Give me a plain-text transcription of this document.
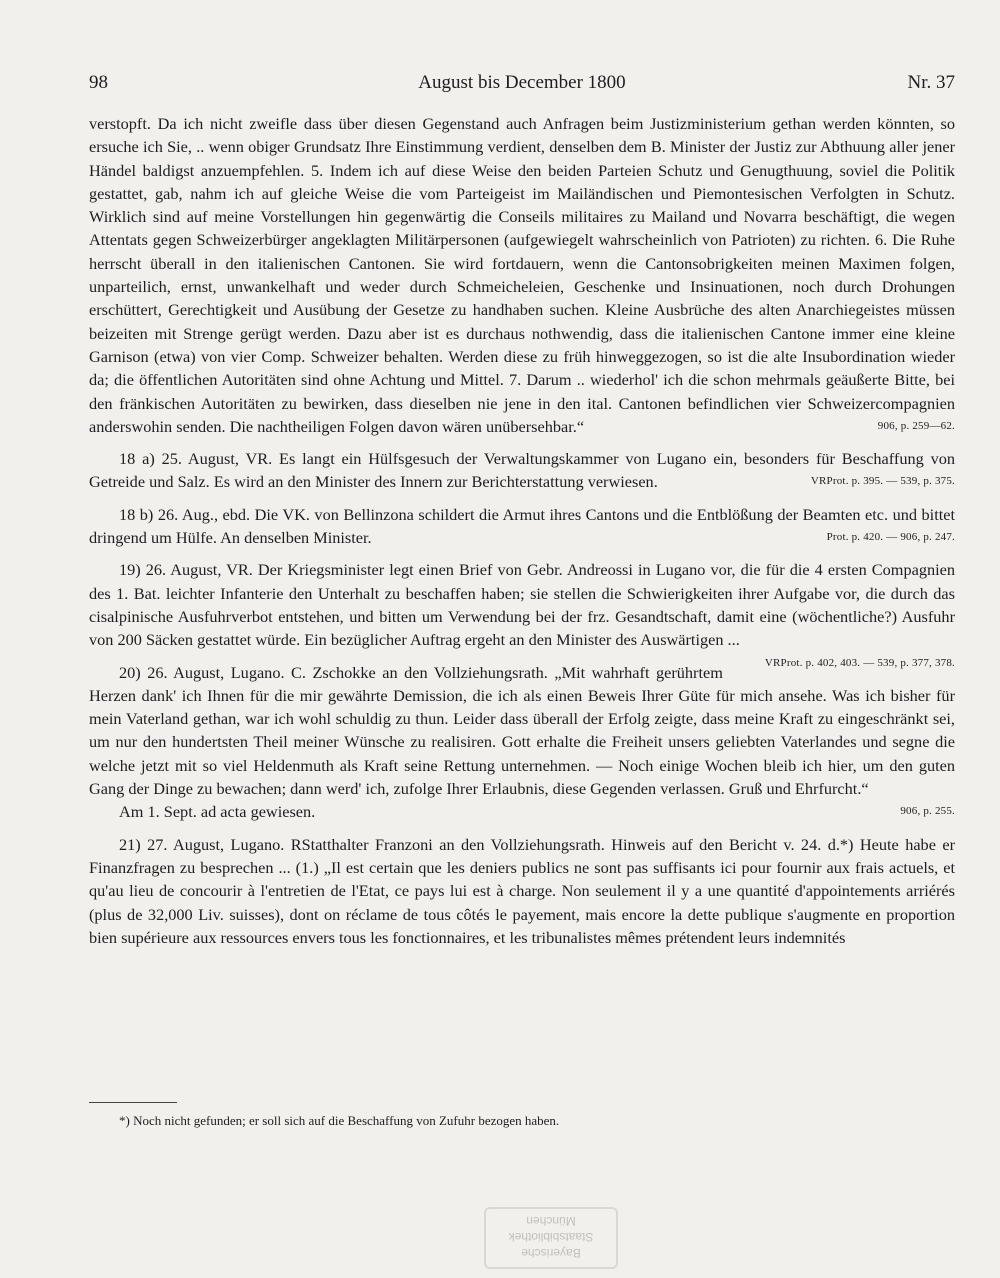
98	August bis December 1800	Nr. 37

verstopft. Da ich nicht zweifle dass über diesen Gegenstand auch Anfragen beim Justizministerium gethan werden könnten, so ersuche ich Sie, .. wenn obiger Grundsatz Ihre Einstimmung verdient, denselben dem B. Minister der Justiz zur Abthuung aller jener Händel baldigst anzuempfehlen. 5. Indem ich auf diese Weise den beiden Parteien Schutz und Genugthuung, soviel die Politik gestattet, gab, nahm ich auf gleiche Weise die vom Parteigeist im Mailändischen und Piemontesischen Verfolgten in Schutz. Wirklich sind auf meine Vorstellungen hin gegenwärtig die Conseils militaires zu Mailand und Novarra beschäftigt, die wegen Attentats gegen Schweizerbürger angeklagten Militärpersonen (aufgewiegelt wahrscheinlich von Patrioten) zu richten. 6. Die Ruhe herrscht überall in den italienischen Cantonen. Sie wird fortdauern, wenn die Cantonsobrigkeiten meinen Maximen folgen, unparteilich, ernst, unwankelhaft und weder durch Schmeicheleien, Geschenke und Insinuationen, noch durch Drohungen erschüttert, Gerechtigkeit und Ausübung der Gesetze zu handhaben suchen. Kleine Ausbrüche des alten Anarchiegeistes müssen beizeiten mit Strenge gerügt werden. Dazu aber ist es durchaus nothwendig, dass die italienischen Cantone immer eine kleine Garnison (etwa) von vier Comp. Schweizer behalten. Werden diese zu früh hinweggezogen, so ist die alte Insubordination wieder da; die öffentlichen Autoritäten sind ohne Achtung und Mittel. 7. Darum .. wiederhol' ich die schon mehrmals geäußerte Bitte, bei den fränkischen Autoritäten zu bewirken, dass dieselben nie jene in den ital. Cantonen befindlichen vier Schweizercompagnien anderswohin senden. Die nachtheiligen Folgen davon wären unübersehbar.“	906, p. 259—62.

18 a) 25. August, VR. Es langt ein Hülfsgesuch der Verwaltungskammer von Lugano ein, besonders für Beschaffung von Getreide und Salz. Es wird an den Minister des Innern zur Berichterstattung verwiesen.	VRProt. p. 395. — 539, p. 375.

18 b) 26. Aug., ebd. Die VK. von Bellinzona schildert die Armut ihres Cantons und die Entblößung der Beamten etc. und bittet dringend um Hülfe. An denselben Minister.	Prot. p. 420. — 906, p. 247.

19) 26. August, VR. Der Kriegsminister legt einen Brief von Gebr. Andreossi in Lugano vor, die für die 4 ersten Compagnien des 1. Bat. leichter Infanterie den Unterhalt zu beschaffen haben; sie stellen die Schwierigkeiten ihrer Aufgabe vor, die durch das cisalpinische Ausfuhrverbot entstehen, und bitten um Verwendung bei der frz. Gesandtschaft, damit eine (wöchentliche?) Ausfuhr von 200 Säcken gestattet würde. Ein bezüglicher Auftrag ergeht an den Minister des Auswärtigen ...
VRProt. p. 402, 403. — 539, p. 377, 378.

20) 26. August, Lugano. C. Zschokke an den Vollziehungsrath. „Mit wahrhaft gerührtem Herzen dank' ich Ihnen für die mir gewährte Demission, die ich als einen Beweis Ihrer Güte für mich ansehe. Was ich bisher für mein Vaterland gethan, war ich wohl schuldig zu thun. Leider dass überall der Erfolg zeigte, dass meine Kraft zu eingeschränkt sei, um nur den hundertsten Theil meiner Wünsche zu realisiren. Gott erhalte die Freiheit unsers geliebten Vaterlandes und segne die welche jetzt mit so viel Heldenmuth als Kraft seine Rettung unternehmen. — Noch einige Wochen bleib ich hier, um den guten Gang der Dinge zu bewachen; dann werd' ich, zufolge Ihrer Erlaubnis, diese Gegenden verlassen. Gruß und Ehrfurcht.“

Am 1. Sept. ad acta gewiesen.	906, p. 255.

21) 27. August, Lugano. RStatthalter Franzoni an den Vollziehungsrath. Hinweis auf den Bericht v. 24. d.*) Heute habe er Finanzfragen zu besprechen ... (1.) „Il est certain que les deniers publics ne sont pas suffisants ici pour fournir aux frais actuels, et qu'au lieu de concourir à l'entretien de l'Etat, ce pays lui est à charge. Non seulement il y a une quantité d'appointements arriérés (plus de 32,000 Liv. suisses), dont on réclame de tous côtés le payement, mais encore la dette publique s'augmente en proportion bien supérieure aux ressources envers tous les fonctionnaires, et les tribunalistes mêmes prétendent leurs indemnités

*) Noch nicht gefunden; er soll sich auf die Beschaffung von Zufuhr bezogen haben.
Bayerische
Staatsbibliothek
München
